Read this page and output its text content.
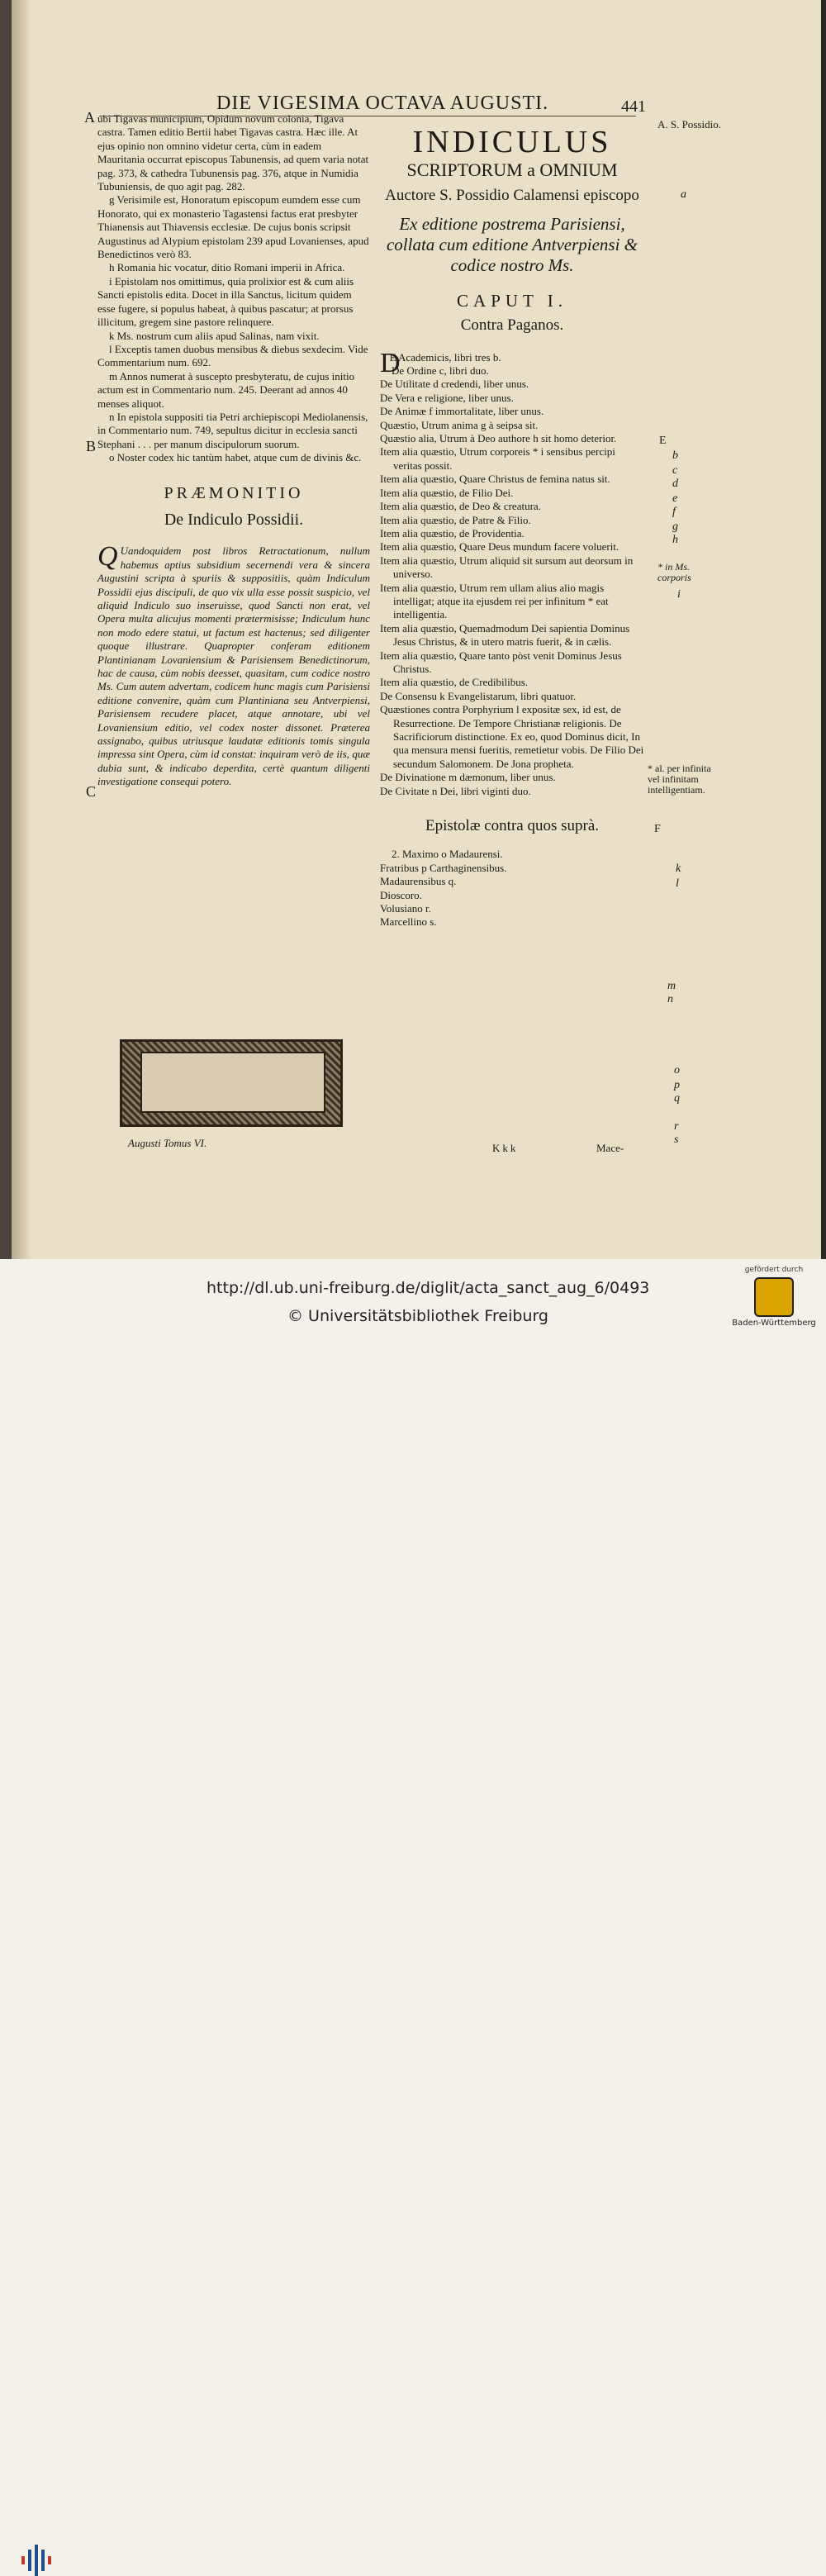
DIE VIGESIMA OCTAVA AUGUSTI.	441
A
B
C

ubi Tigavas municipium, Opidum novum colonia, Tigava castra. Tamen editio Bertii habet Tigavas castra. Hæc ille. At ejus opinio non omnino videtur certa, cùm in eadem Mauritania occurrat episcopus Tabunensis, ad quem varia notat pag. 373, & cathedra Tubunensis pag. 376, atque in Numidia Tubuniensis, de quo agit pag. 282.

g Verisimile est, Honoratum episcopum eumdem esse cum Honorato, qui ex monasterio Tagastensi factus erat presbyter Thianensis aut Thiavensis ecclesiæ. De cujus bonis scripsit Augustinus ad Alypium epistolam 239 apud Lovanienses, apud Benedictinos verò 83.

h Romania hic vocatur, ditio Romani imperii in Africa.

i Epistolam nos omittimus, quia prolixior est & cum aliis Sancti epistolis edita. Docet in illa Sanctus, licitum quidem esse fugere, si populus habeat, à quibus pascatur; at prorsus illicitum, gregem sine pastore relinquere.

k Ms. nostrum cum aliis apud Salinas, nam vixit.

l Exceptis tamen duobus mensibus & diebus sexdecim. Vide Commentarium num. 692.

m Annos numerat à suscepto presbyteratu, de cujus initio actum est in Commentario num. 245. Deerant ad annos 40 menses aliquot.

n In epistola suppositi tia Petri archiepiscopi Mediolanensis, in Commentario num. 749, sepultus dicitur in ecclesia sancti Stephani . . . per manum discipulorum suorum.

o Noster codex hic tantùm habet, atque cum de divinis &c.

PRÆMONITIO
De Indiculo Possidii.

Q Uandoquidem post libros Retractationum, nullum habemus aptius subsidium secernendi vera & sincera Augustini scripta à spuriis & suppositiis, quàm Indiculum Possidii ejus discipuli, de quo vix ulla esse possit suspicio, vel aliquid Indiculo suo inseruisse, quod Sancti non erat, vel Opera multa alicujus momenti prætermisisse; Indiculum hunc non modo edere statui, ut factum est hactenus; sed diligenter quoque illustrare. Quapropter conferam editionem Plantinianam Lovaniensium & Parisiensem Benedictinorum, hac de causa, cùm nobis deesset, quasitam, cum codice nostro Ms. Cum autem advertam, codicem hunc magis cum Parisiensi editione convenire, quàm cum Plantiniana seu Antverpiensi, Parisiensem recudere placet, atque annotare, ubi vel Lovaniensium editio, vel codex noster dissonet. Præterea assignabo, quibus utriusque laudatæ editionis tomis singula impressa sint Opera, cùm id constat: inquiram verò de iis, quæ dubia sunt, & indicabo deperdita, certè quantum diligenti investigatione consequi potero.

Augusti Tomus VI.
INDICULUS
SCRIPTORUM a OMNIUM
Auctore S. Possidio Calamensi episcopo
Ex editione postrema Parisiensi, collata cum editione Antverpiensi & codice nostro Ms.
CAPUT I.
Contra Paganos.

D
E Academicis, libri tres b.

De Ordine c, libri duo.

De Utilitate d credendi, liber unus.

De Vera e religione, liber unus.

De Animæ f immortalitate, liber unus.

Quæstio, Utrum anima g à seipsa sit.

Quæstio alia, Utrum à Deo authore h sit homo deterior.

Item alia quæstio, Utrum corporeis * i sensibus percipi veritas possit.

Item alia quæstio, Quare Christus de femina natus sit.

Item alia quæstio, de Filio Dei.

Item alia quæstio, de Deo & creatura.

Item alia quæstio, de Patre & Filio.

Item alia quæstio, de Providentia.

Item alia quæstio, Quare Deus mundum facere voluerit.

Item alia quæstio, Utrum aliquid sit sursum aut deorsum in universo.

Item alia quæstio, Utrum rem ullam alius alio magis intelligat; atque ita ejusdem rei per infinitum * eat intelligentia.

Item alia quæstio, Quemadmodum Dei sapientia Dominus Jesus Christus, & in utero matris fuerit, & in cælis.

Item alia quæstio, Quare tanto pòst venit Dominus Jesus Christus.

Item alia quæstio, de Credibilibus.

De Consensu k Evangelistarum, libri quatuor.

Quæstiones contra Porphyrium l expositæ sex, id est, de Resurrectione. De Tempore Christianæ religionis. De Sacrificiorum distinctione. Ex eo, quod Dominus dicit, In qua mensura mensi fueritis, remetietur vobis. De Filio Dei secundum Salomonem. De Jona propheta.

De Divinatione m dæmonum, liber unus.

De Civitate n Dei, libri viginti duo.

Epistolæ contra quos suprà.

2. Maximo o Madaurensi.

Fratribus p Carthaginensibus.

Madaurensibus q.

Dioscoro.

Volusiano r.

Marcellino s.

Kkk	Mace-
A. S. Possidio.
a
E
b
c
d
e
f
g
h
* in Ms. corporis
i
* al. per infinita vel infinitam intelligentiam.
F
k
l
m
n
o
p
q
r
s
http://dl.ub.uni-freiburg.de/diglit/acta_sanct_aug_6/0493
© Universitätsbibliothek Freiburg
gefördert durch
Baden-Württemberg
